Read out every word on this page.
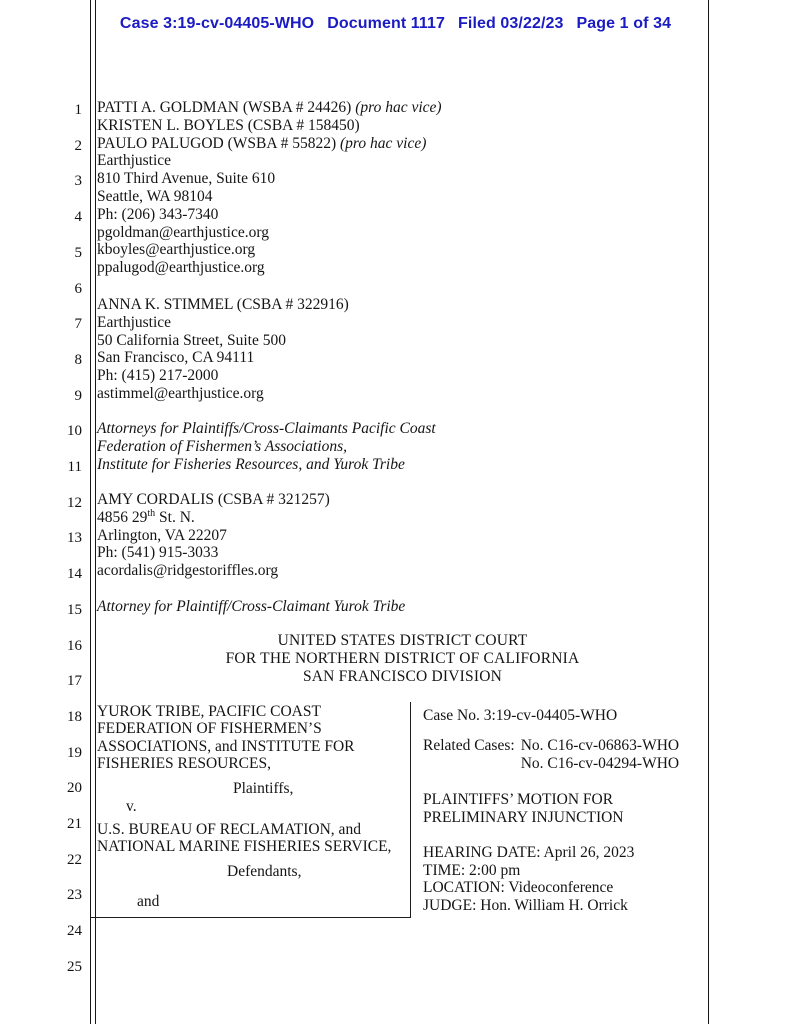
Case 3:19-cv-04405-WHO Document 1117 Filed 03/22/23 Page 1 of 34
1
2
3
4
5
6
7
8
9
10
11
12
13
14
15
16
17
18
19
20
21
22
23
24
25
PATTI A. GOLDMAN (WSBA # 24426) (pro hac vice)
KRISTEN L. BOYLES (CSBA # 158450)
PAULO PALUGOD (WSBA # 55822) (pro hac vice)
Earthjustice
810 Third Avenue, Suite 610
Seattle, WA 98104
Ph: (206) 343-7340
pgoldman@earthjustice.org
kboyles@earthjustice.org
ppalugod@earthjustice.org
ANNA K. STIMMEL (CSBA # 322916)
Earthjustice
50 California Street, Suite 500
San Francisco, CA 94111
Ph: (415) 217-2000
astimmel@earthjustice.org
Attorneys for Plaintiffs/Cross-Claimants Pacific Coast
Federation of Fishermen’s Associations,
Institute for Fisheries Resources, and Yurok Tribe
AMY CORDALIS (CSBA # 321257)
4856 29th St. N.
Arlington, VA 22207
Ph: (541) 915-3033
acordalis@ridgestoriffles.org
Attorney for Plaintiff/Cross-Claimant Yurok Tribe
UNITED STATES DISTRICT COURT
FOR THE NORTHERN DISTRICT OF CALIFORNIA
SAN FRANCISCO DIVISION
YUROK TRIBE, PACIFIC COAST
FEDERATION OF FISHERMEN’S
ASSOCIATIONS, and INSTITUTE FOR
FISHERIES RESOURCES,
Plaintiffs,
v.
U.S. BUREAU OF RECLAMATION, and
NATIONAL MARINE FISHERIES SERVICE,
Defendants,
and
Case No. 3:19-cv-04405-WHO
Related Cases: No. C16-cv-06863-WHO
No. C16-cv-04294-WHO
PLAINTIFFS’ MOTION FOR
PRELIMINARY INJUNCTION
HEARING DATE: April 26, 2023
TIME: 2:00 pm
LOCATION: Videoconference
JUDGE: Hon. William H. Orrick
